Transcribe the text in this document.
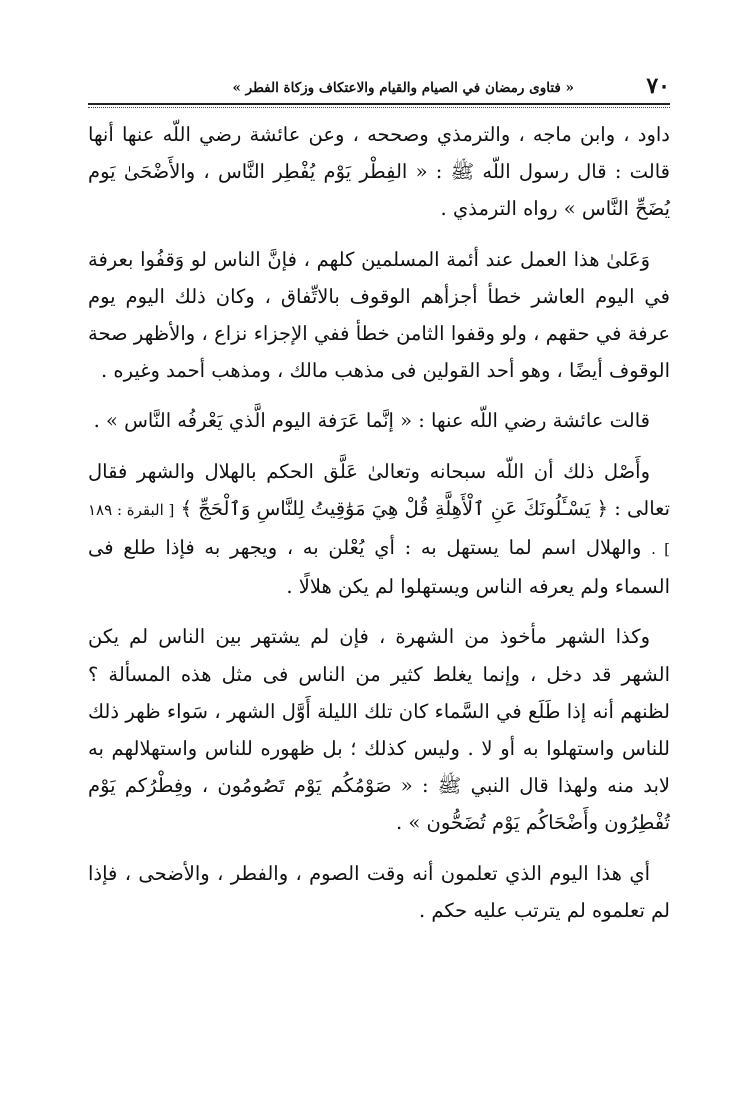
٧٠
« فتاوى رمضان في الصيام والقيام والاعتكاف وزكاة الفطر »

داود ، وابن ماجه ، والترمذي وصححه ، وعن عائشة رضي اللّه عنها أنها قالت : قال رسول اللّه ﷺ : « الفِطْر يَوْم يُفْطِر النَّاس ، والأَضْحَىٰ يَوم يُضَحِّ النَّاس » رواه الترمذي .

وَعَلىٰ هذا العمل عند أئمة المسلمين كلهم ، فإنَّ الناس لو وَقفُوا بعرفة في اليوم العاشر خطأ أجزأهم الوقوف بالاتِّفاق ، وكان ذلك اليوم يوم عرفة في حقهم ، ولو وقفوا الثامن خطأ ففي الإجزاء نزاع ، والأظهر صحة الوقوف أيضًا ، وهو أحد القولين فى مذهب مالك ، ومذهب أحمد وغيره .

قالت عائشة رضي اللّه عنها : « إنَّما عَرَفة اليوم الَّذي يَعْرفُه النَّاس » .

وأَصْل ذلك أن اللّه سبحانه وتعالىٰ عَلَّق الحكم بالهلال والشهر فقال تعالى : ﴿ يَسْـَٔلُونَكَ عَنِ ٱلْأَهِلَّةِ قُلْ هِيَ مَوَٰقِيتُ لِلنَّاسِ وَٱلْحَجِّ ﴾ [ البقرة : ١٨٩ ] . والهلال اسم لما يستهل به : أي يُعْلن به ، ويجهر به فإذا طلع فى السماء ولم يعرفه الناس ويستهلوا لم يكن هلالًا .

وكذا الشهر مأخوذ من الشهرة ، فإن لم يشتهر بين الناس لم يكن الشهر قد دخل ، وإنما يغلط كثير من الناس فى مثل هذه المسألة ؟ لظنهم أنه إذا طَلَع في السَّماء كان تلك الليلة أَوَّل الشهر ، سَواء ظهر ذلك للناس واستهلوا به أو لا . وليس كذلك ؛ بل ظهوره للناس واستهلالهم به لابد منه ولهذا قال النبي ﷺ : « صَوْمُكُم يَوْم تَصُومُون ، وفِطْرُكم يَوْم تُفْطِرُون وأَضْحَاكُم يَوْم تُضَحُّون » .

أي هذا اليوم الذي تعلمون أنه وقت الصوم ، والفطر ، والأضحى ، فإذا لم تعلموه لم يترتب عليه حكم .
